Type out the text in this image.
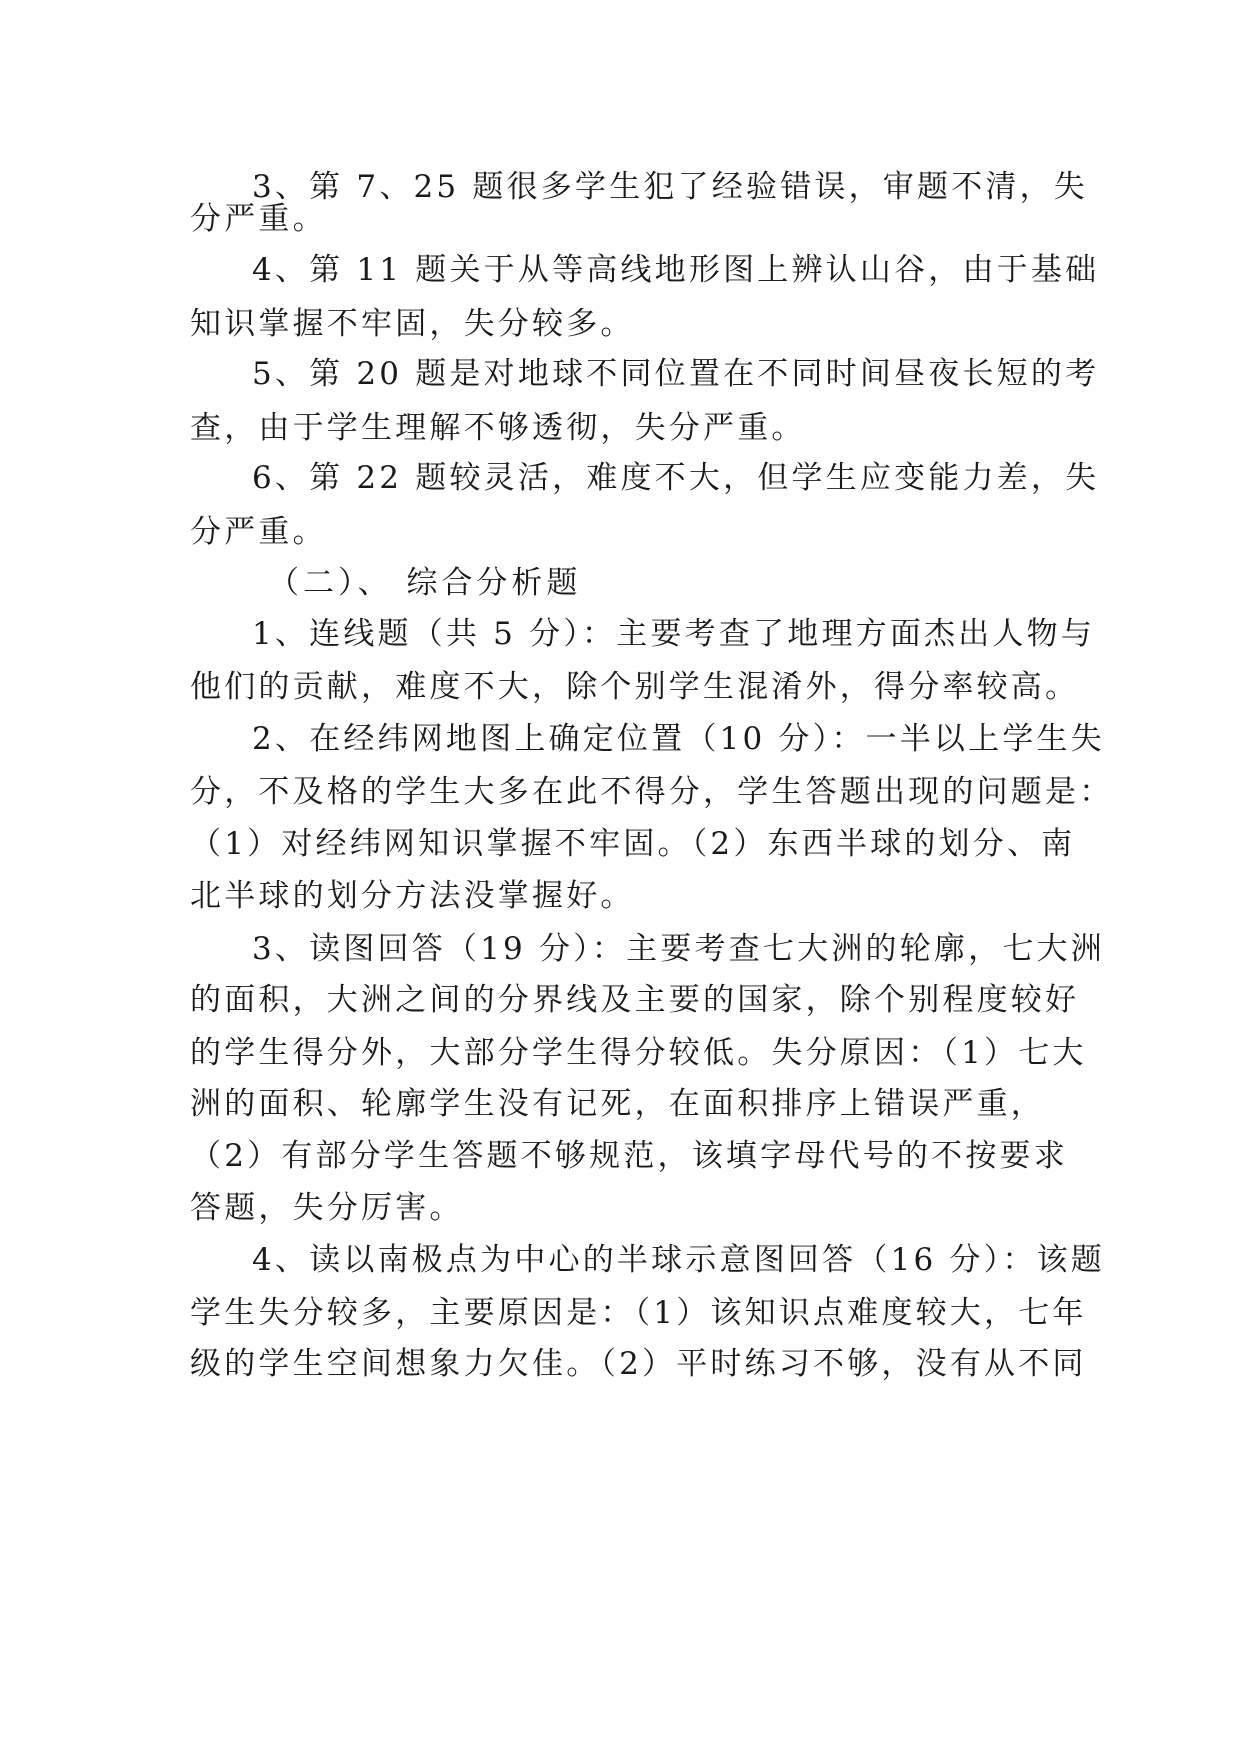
3、第 7、25 题很多学生犯了经验错误，审题不清，失
分严重。
4、第 11 题关于从等高线地形图上辨认山谷，由于基础
知识掌握不牢固，失分较多。
5、第 20 题是对地球不同位置在不同时间昼夜长短的考
查，由于学生理解不够透彻，失分严重。
6、第 22 题较灵活，难度不大，但学生应变能力差，失
分严重。
（二）、 综合分析题
1、连线题（共 5 分）：主要考查了地理方面杰出人物与
他们的贡献，难度不大，除个别学生混淆外，得分率较高。
2、在经纬网地图上确定位置（10 分）：一半以上学生失
分，不及格的学生大多在此不得分，学生答题出现的问题是：
（1）对经纬网知识掌握不牢固。（2）东西半球的划分、南
北半球的划分方法没掌握好。
3、读图回答（19 分）：主要考查七大洲的轮廓，七大洲
的面积，大洲之间的分界线及主要的国家，除个别程度较好
的学生得分外，大部分学生得分较低。失分原因：（1）七大
洲的面积、轮廓学生没有记死，在面积排序上错误严重，
（2）有部分学生答题不够规范，该填字母代号的不按要求
答题，失分厉害。
4、读以南极点为中心的半球示意图回答（16 分）：该题
学生失分较多，主要原因是：（1）该知识点难度较大，七年
级的学生空间想象力欠佳。（2）平时练习不够，没有从不同
